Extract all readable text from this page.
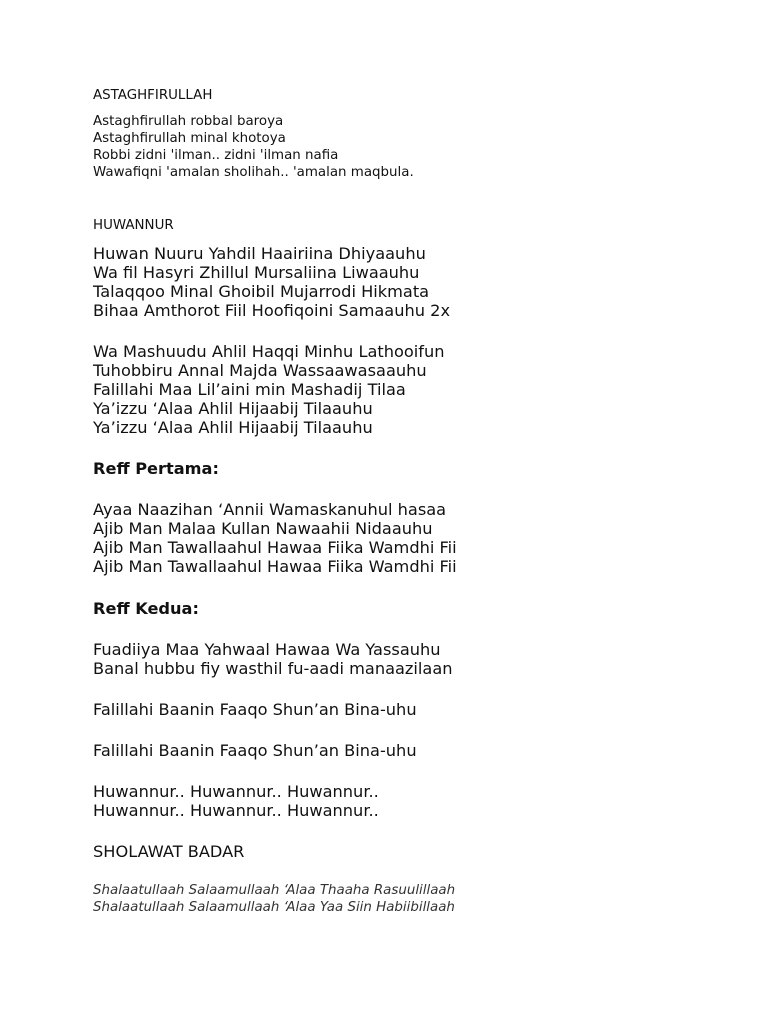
ASTAGHFIRULLAH

Astaghfirullah robbal baroya

Astaghfirullah minal khotoya

Robbi zidni 'ilman.. zidni 'ilman nafia

Wawafiqni 'amalan sholihah.. 'amalan maqbula.

HUWANNUR

Huwan Nuuru Yahdil Haairiina Dhiyaauhu

Wa fil Hasyri Zhillul Mursaliina Liwaauhu

Talaqqoo Minal Ghoibil Mujarrodi Hikmata

Bihaa Amthorot Fiil Hoofiqoini Samaauhu 2x

Wa Mashuudu Ahlil Haqqi Minhu Lathooifun

Tuhobbiru Annal Majda Wassaawasaauhu

Falillahi Maa Lil’aini min Mashadij Tilaa

Ya’izzu ‘Alaa Ahlil Hijaabij Tilaauhu

Ya’izzu ‘Alaa Ahlil Hijaabij Tilaauhu

Reff Pertama:

Ayaa Naazihan ‘Annii Wamaskanuhul hasaa

Ajib Man Malaa Kullan Nawaahii Nidaauhu

Ajib Man Tawallaahul Hawaa Fiika Wamdhi Fii

Ajib Man Tawallaahul Hawaa Fiika Wamdhi Fii

Reff Kedua:

Fuadiiya Maa Yahwaal Hawaa Wa Yassauhu

Banal hubbu fiy wasthil fu-aadi manaazilaan

Falillahi Baanin Faaqo Shun’an Bina-uhu

Falillahi Baanin Faaqo Shun’an Bina-uhu

Huwannur.. Huwannur.. Huwannur..

Huwannur.. Huwannur.. Huwannur..

SHOLAWAT BADAR

Shalaatullaah Salaamullaah ‘Alaa Thaaha Rasuulillaah

Shalaatullaah Salaamullaah ‘Alaa Yaa Siin Habiibillaah
